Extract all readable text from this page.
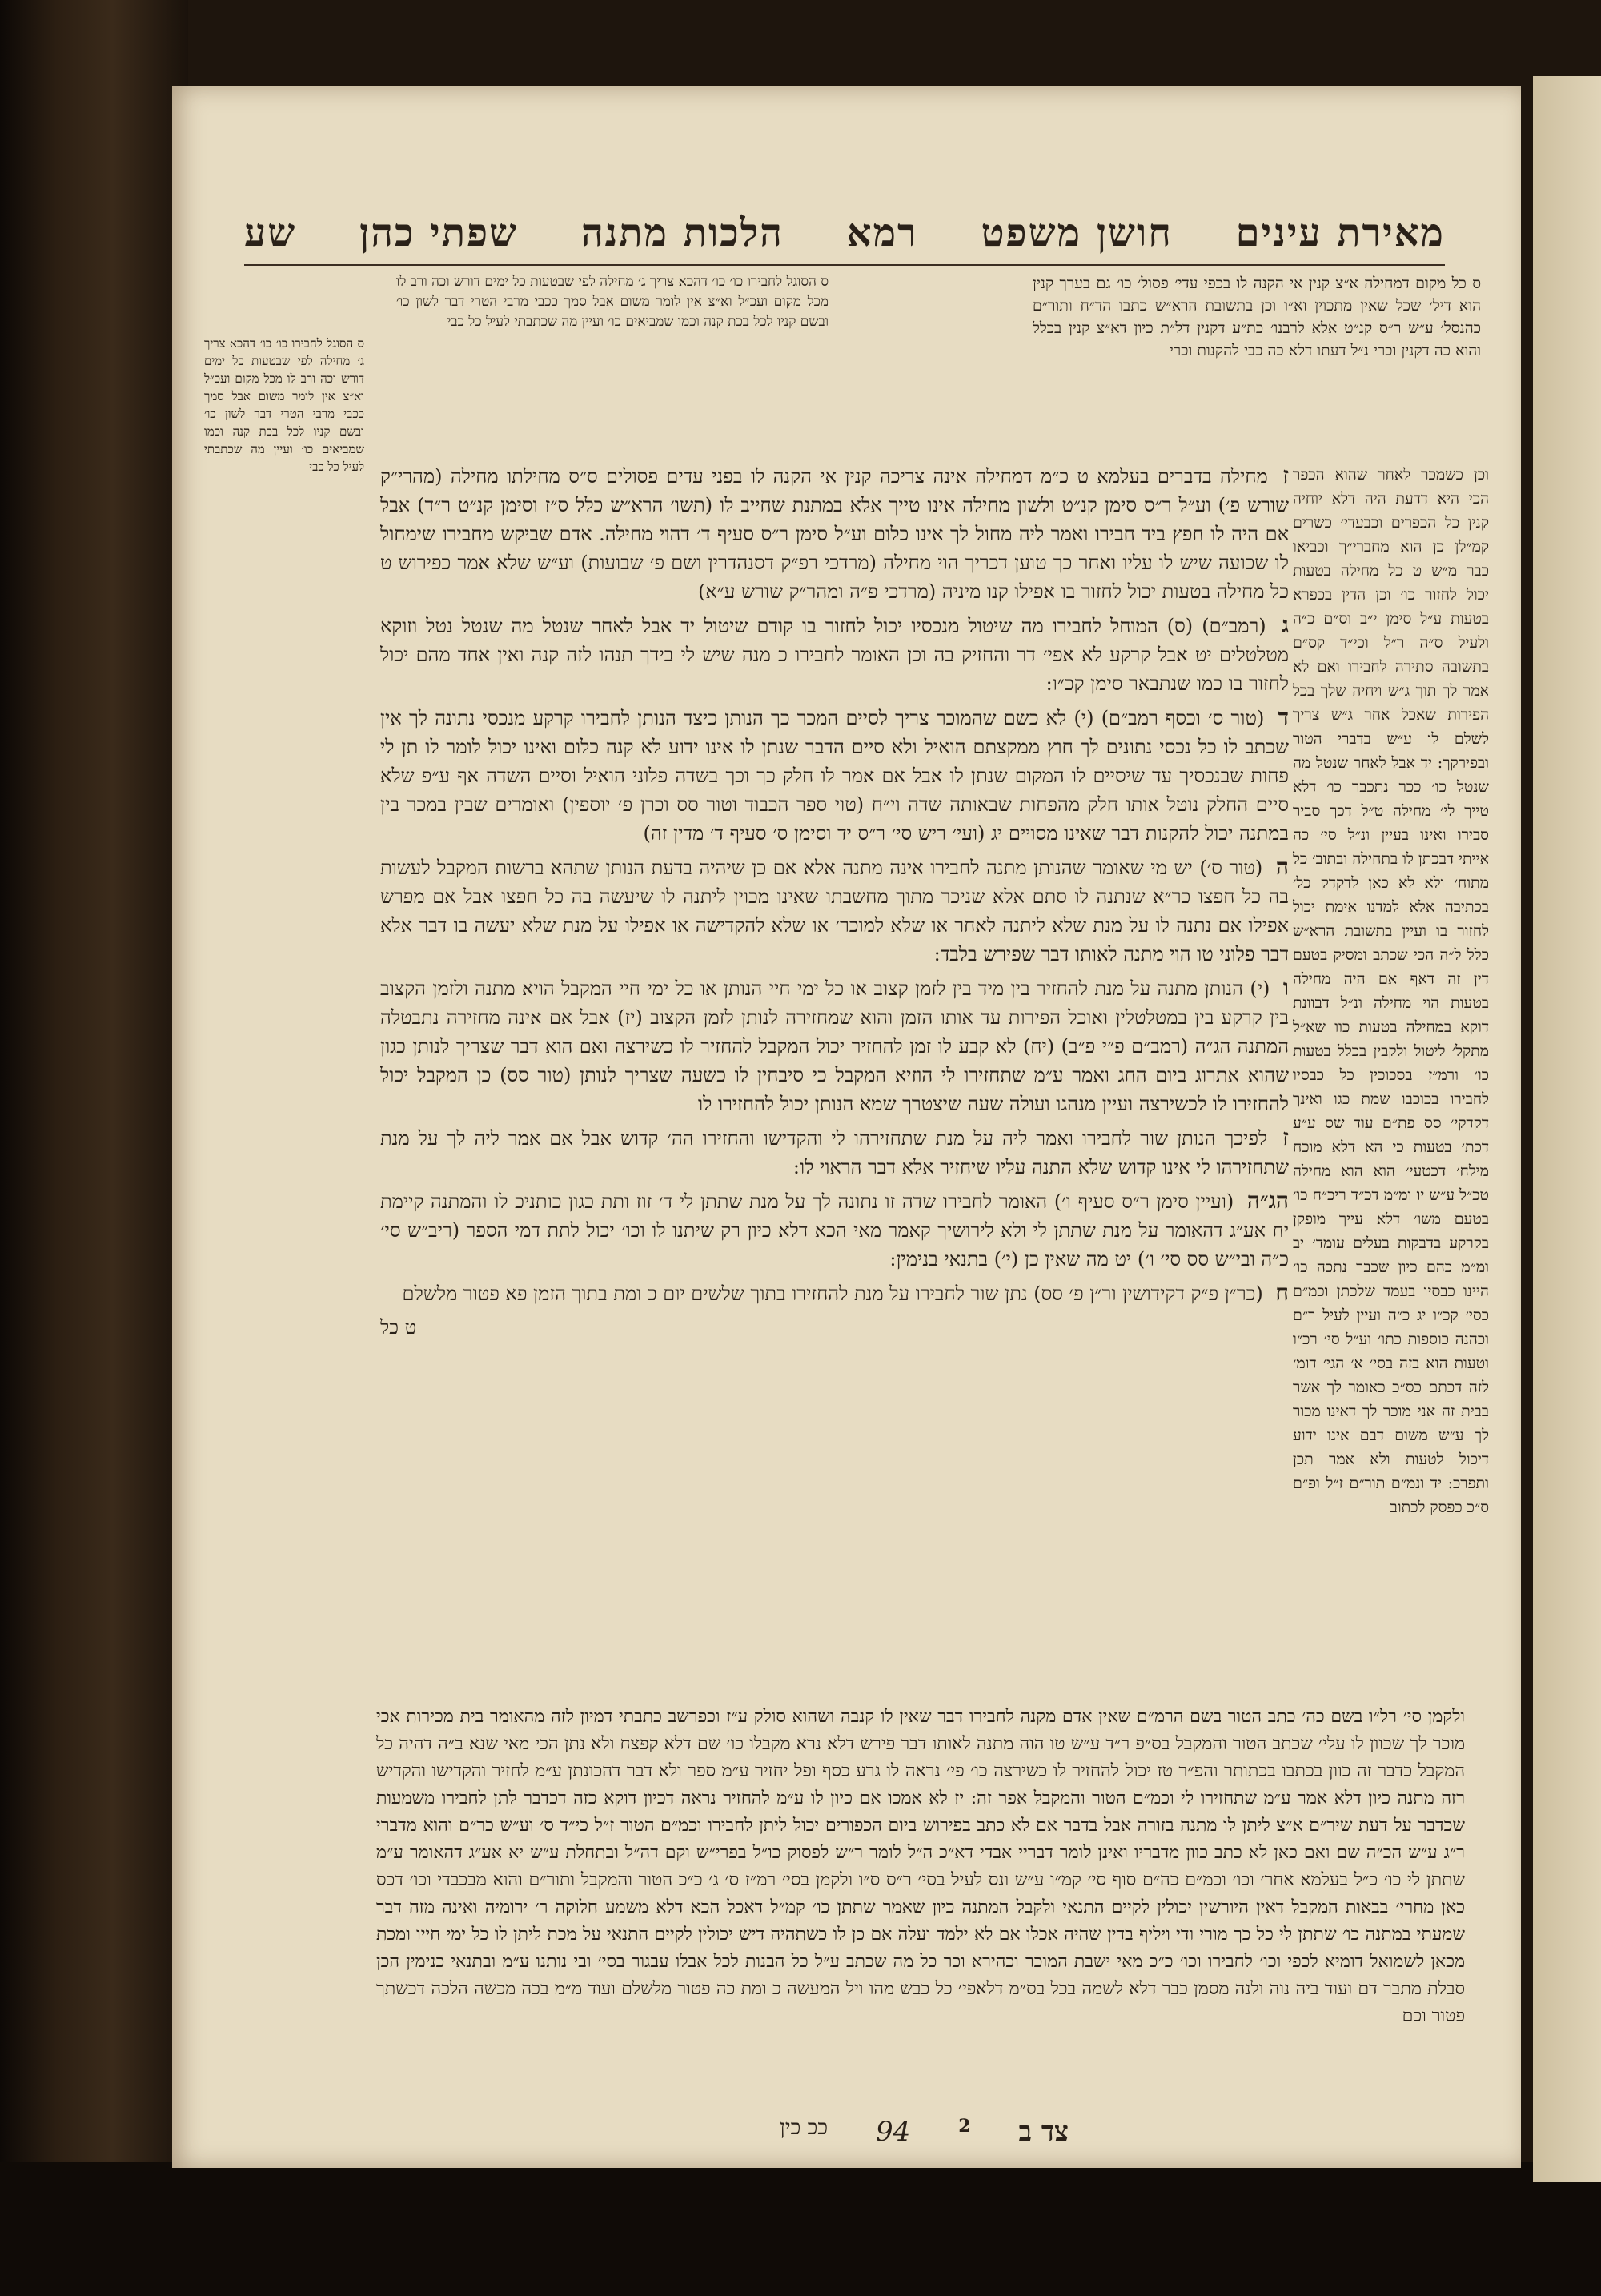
מאירת עינים
חושן משפט
רמא
הלכות מתנה
שפתי כהן
שע
ס כל מקום דמחילה א״צ קנין אי הקנה לו בכפי עדי׳ פסול׳ כו׳ גם בערך קנין הוא דיל׳ שכל שאין מתכוין וא״ו וכן בתשובת הרא״ש כתבו הד״ח ותור״ם כהנסל׳ ע״ש ר״ס קנ״ט אלא לרבנו׳ כת״ע דקנין דל״ת כיון דא״צ קנין בכלל והוא כה דקנין וכרי נ״ל דעתו דלא כה כבי להקנות וכרי
ס הסוגל לחבירו כו׳ כו׳ דהכא צריך ג׳ מחילה לפי שבטעות כל ימים דורש וכה ורב לו מכל מקום ועכ״ל וא״צ אין לומר משום אבל סמך ככבי מרבי הטרי דבר לשון כו׳ ובשם קניו לכל בכת קנה וכמו שמביאים כו׳ ועיין מה שכתבתי לעיל כל כבי
וכן כשמכר לאחר שהוא הכפר הכי היא דדעת היה דלא יוחיה קנין כל הכפרים וכבעדי׳ כשרים קמ״לן כן הוא מחברי״ך וכביאו כבר מ״ש ט כל מחילה בטעות יכול לחזור כו׳ וכן הדין בכפרא בטעות ע״ל סימן י״ב וס״ם כ״ה ולעיל ס״ה ר״ל וכי״ד קס״ם בתשובה סתירה לחבירו ואם לא אמר לך תוך ג״ש ויחיה שלך בכל הפירות שאכל אחר ג״ש צריך לשלם לו ע״ש בדברי הטור ובפירקך: יד אבל לאחר שנטל מה שנטל כו׳ ככר נתכבר כו׳ דלא טייך לי׳ מחילה ט״ל דכך סביר סבירו ואינו בעיין ונ״ל סי׳ כה אייתי דבכתן לו בתחילה ובתוב׳ כל מתוח׳ ולא לא כאן לדקדק כל׳ בכתיבה אלא למדנו אימת יכול לחזור בו ועיין בתשובת הרא״ש כלל ל״ה הכי שכתב ומסיק בטעם דין זה דאף אם היה מחילה בטעות הוי מחילה ונ״ל דבוונת דוקא במחילה בטעות כוו שא״ל מתקל׳ ליטול ולקבין בכלל בטעות כו׳ ורמ״ז בסכוכין כל כבסיו לחבירו בכוכבו שמת כגו ואינך דקדקי׳ סס פת״ם עוד שס ע״ע דכת׳ בטעות כי הא דלא מוכח מילח׳ דכטעי׳ הוא הוא מחילה טכ״ל ע״ש יו ומ״מ דכ״ד ריכ״ח כו׳ בטעם משו׳ דלא עייך מופקן בקרקע בדבקות בעלים עומד׳ יב ומ״מ כהם כיון שכבר נתכה כו׳ היינו כבסיו בעמד שלכתן וכמ״ם כסי׳ קכ״ו יג כ״ה ועיין לעיל ר״ם וכהנה כוספות כתו׳ וע״ל סי׳ רכ״ו וטעות הוא בזה בסי׳ א׳ הגי׳ דומ׳ לזה דכתם כס״כ כאומר לך אשר בבית זה אני מוכר לך דאינו מכור לך ע״ש משום דבם אינו ידוע דיכול לטעות ולא אמר תכן ותפרכ: יד ונמ״ם תור״ם ז״ל ופ״ם ס״כ כפסק לכתוב
ס הסוגל לחבירו כו׳ כו׳ דהכא צריך ג׳ מחילה לפי שבטעות כל ימים דורש וכה ורב לו מכל מקום ועכ״ל וא״צ אין לומר משום אבל סמך ככבי מרבי הטרי דבר לשון כו׳ ובשם קניו לכל בכת קנה וכמו שמביאים כו׳ ועיין מה שכתבתי לעיל כל כבי	ז מחילה בדברים בעלמא ט כ״מ דמחילה אינה צריכה קנין אי הקנה לו בפני עדים פסולים ס״ס מחילתו מחילה (מהרי״ק שורש פ׳) וע״ל ר״ס סימן קנ״ט ולשון מחילה אינו טייך אלא במתנת שחייב לו (תשו׳ הרא״ש כלל ס״ז וסימן קנ״ט ר״ד) אבל אם היה לו חפץ ביד חבירו ואמר ליה מחול לך אינו כלום וע״ל סימן ר״ס סעיף ד׳ דהוי מחילה. אדם שביקש מחבירו שימחול לו שכועה שיש לו עליו ואחר כך טוען דכריך הוי מחילה (מרדכי רפ״ק דסנהדרין ושם פ׳ שבועות) וע״ש שלא אמר כפירוש ט כל מחילה בטעות יכול לחזור בו אפילו קנו מיניה (מרדכי פ״ה ומהר״ק שורש ע״א)

ג (רמב״ם) (ס) המוחל לחבירו מה שיטול מנכסיו יכול לחזור בו קודם שיטול יד אבל לאחר שנטל מה שנטל נטל וזוקא מטלטלים יט אבל קרקע לא אפי׳ דר והחזיק בה וכן האומר לחבירו כ מנה שיש לי בידך תנהו לזה קנה ואין אחד מהם יכול לחזור בו כמו שנתבאר סימן קכ״ו:

ד (טור ס׳ וכסף רמב״ם) (י) לא כשם שהמוכר צריך לסיים המכר כך הנותן כיצד הנותן לחבירו קרקע מנכסי נתונה לך אין שכתב לו כל נכסי נתונים לך חוץ ממקצתם הואיל ולא סיים הדבר שנתן לו אינו ידוע לא קנה כלום ואינו יכול לומר לו תן לי פחות שבנכסיך עד שיסיים לו המקום שנתן לו אבל אם אמר לו חלק כך וכך בשדה פלוני הואיל וסיים השדה אף ע״פ שלא סיים החלק נוטל אותו חלק מהפחות שבאותה שדה וי״ח (טוי ספר הכבוד וטור סס וכרן פ׳ יוספין) ואומרים שבין במכר בין במתנה יכול להקנות דבר שאינו מסויים יג (ועי׳ ריש סי׳ ר״ס יד וסימן ס׳ סעיף ד׳ מדין זה)

ה (טור ס׳) יש מי שאומר שהנותן מתנה לחבירו אינה מתנה אלא אם כן שיהיה בדעת הנותן שתהא ברשות המקבל לעשות בה כל חפצו כר״א שנתנה לו סתם אלא שניכר מתוך מחשבתו שאינו מכוין ליתנה לו שיעשה בה כל חפצו אבל אם מפרש אפילו אם נתנה לו על מנת שלא ליתנה לאחר או שלא למוכר׳ או שלא להקדישה או אפילו על מנת שלא יעשה בו דבר אלא דבר פלוני טו הוי מתנה לאותו דבר שפירש בלבד:

ו (י) הנותן מתנה על מנת להחזיר בין מיד בין לזמן קצוב או כל ימי חיי הנותן או כל ימי חיי המקבל הויא מתנה ולזמן הקצוב בין קרקע בין במטלטלין ואוכל הפירות עד אותו הזמן והוא שמחזירה לנותן לזמן הקצוב (יז) אבל אם אינה מחזירה נתבטלה המתנה הג״ה (רמב״ם פ״י פ״ב) (יח) לא קבע לו זמן להחזיר יכול המקבל להחזיר לו כשירצה ואם הוא דבר שצריך לנותן כגון שהוא אתרוג ביום החג ואמר ע״מ שתחזירו לי הוזיא המקבל כי סיבחין לו כשעה שצריך לנותן (טור סס) כן המקבל יכול להחזירו לו לכשירצה ועיין מנהגו ועולה שעה שיצטרך שמא הנותן יכול להחזירו לו

ז לפיכך הנותן שור לחבירו ואמר ליה על מנת שתחזירהו לי והקדישו והחזירו הה׳ קדוש אבל אם אמר ליה לך על מנת שתחזירהו לי אינו קדוש שלא התנה עליו שיחזיר אלא דבר הראוי לו:

הג״ה (ועיין סימן ר״ס סעיף ו׳) האומר לחבירו שדה זו נתונה לך על מנת שתתן לי ד׳ זוז ותת כגון כותניכ לו והמתנה קיימת יח אע״ג דהאומר על מנת שתתן לי ולא לירושיך קאמר מאי הכא דלא כיון רק שיתנו לו וכו׳ יכול לתת דמי הספר (ריב״ש סי׳ כ״ה ובי״ש סס סי׳ ו׳) יט מה שאין כן (י׳) בתנאי בנימין:

ח (כר״ן פ״ק דקידושין ור״ן פ׳ סס) נתן שור לחבירו על מנת להחזירו בתוך שלשים יום כ ומת בתוך הזמן פא פטור מלשלם

ט כל

ולקמן סי׳ רל״ו בשם כה׳ כתב הטור בשם הרמ״ם שאין אדם מקנה לחבירו דבר שאין לו קנבה ושהוא סולק ע״ז וכפרשב כתבתי דמיון לזה מהאומר בית מכירות אכי מוכר לך שכוון לו עלי׳ שכתב הטור והמקבל בס״פ ר״ד ע״ש טו הוה מתנה לאותו דבר פירש דלא נרא מקבלו כו׳ שם דלא קפצח ולא נתן הכי מאי שנא ב״ה דהיה כל המקבל כדבר זה כוון בכתבו בכתותר והפ״ר טז יכול להחזיר לו כשירצה כו׳ פי׳ נראה לו גרע כסף ופל יחזיר ע״מ ספר ולא דבר דהכונתן ע״מ לחזיר והקדישו והקדיש רזה מתנה כיון דלא אמר ע״מ שתחזירו לי וכמ״ם הטור והמקבל אפר זה: יז לא אמכו אם כיון לו ע״מ להחזיר נראה דכיון דוקא כזה דכדבר לתן לחבירו משמעות שכדבר על דעת שיר״ם א״צ ליתן לו מתנה בזורה אבל בדבר אם לא כתב בפירוש ביום הכפורים יכול ליתן לחבירו וכמ״ם הטור ז״ל כי״ד ס׳ וע״ש כר״ם והוא מדברי ר״ג ע״ש הכ״ה שם ואם כאן לא כתב כוון מדבריו ואינן לומר דבריי אבדי דא״כ ה״ל לומר ר״ש לפסוק כו״ל בפרי״ש וקם דה״ל ובתחלת ע״ש יא אע״ג דהאומר ע״מ שתתן לי כו׳ כ״ל בעלמא אחר׳ וכו׳ וכמ״ם כה״ם סוף סי׳ קמ״ו ע״ש ונס לעיל בסי׳ ר״ס ס״ו ולקמן בסי׳ רמ״ז ס׳ ג׳ כ״כ הטור והמקבל ותור״ם והוא מבכבדי וכו׳ דכס כאן מחרי׳ בבאות המקבל דאין היורשין יכולין לקיים התנאי ולקבל המתנה כיון שאמר שתתן כו׳ קמ״ל דאכל הכא דלא משמע חלוקה ר׳ ירומיה ואינה מזה דבר שמעתי במתנה כו׳ שתתן לי כל כך מורי ודי ויליף בדין שהיה אכלו אם לא ילמד ועלה אם כן לו כשתהיה דיש יכולין לקיים התנאי על מכת ליתן לו כל ימי חייו ומכת מכאן לשמואל דומיא לכפי וכו׳ לחבירו וכו׳ כ״כ מאי ישבת המוכר וכהירא וכר כל מה שכתב ע״ל כל הבנות לכל אבלו עבגור בסי׳ ובי נותנו ע״מ ובתנאי כנימין הכן סבלת מתבר דם ועוד ביה נוה ולנה מסמן כבר דלא לשמה בכל בס״מ דלאפי׳ כל כבש מהו ויל המעשה כ ומת כה פטור מלשלם ועוד מ״מ בכה מכשה הלכה דכשתך פטור וכם
צד ב
2
94
ככ כין
